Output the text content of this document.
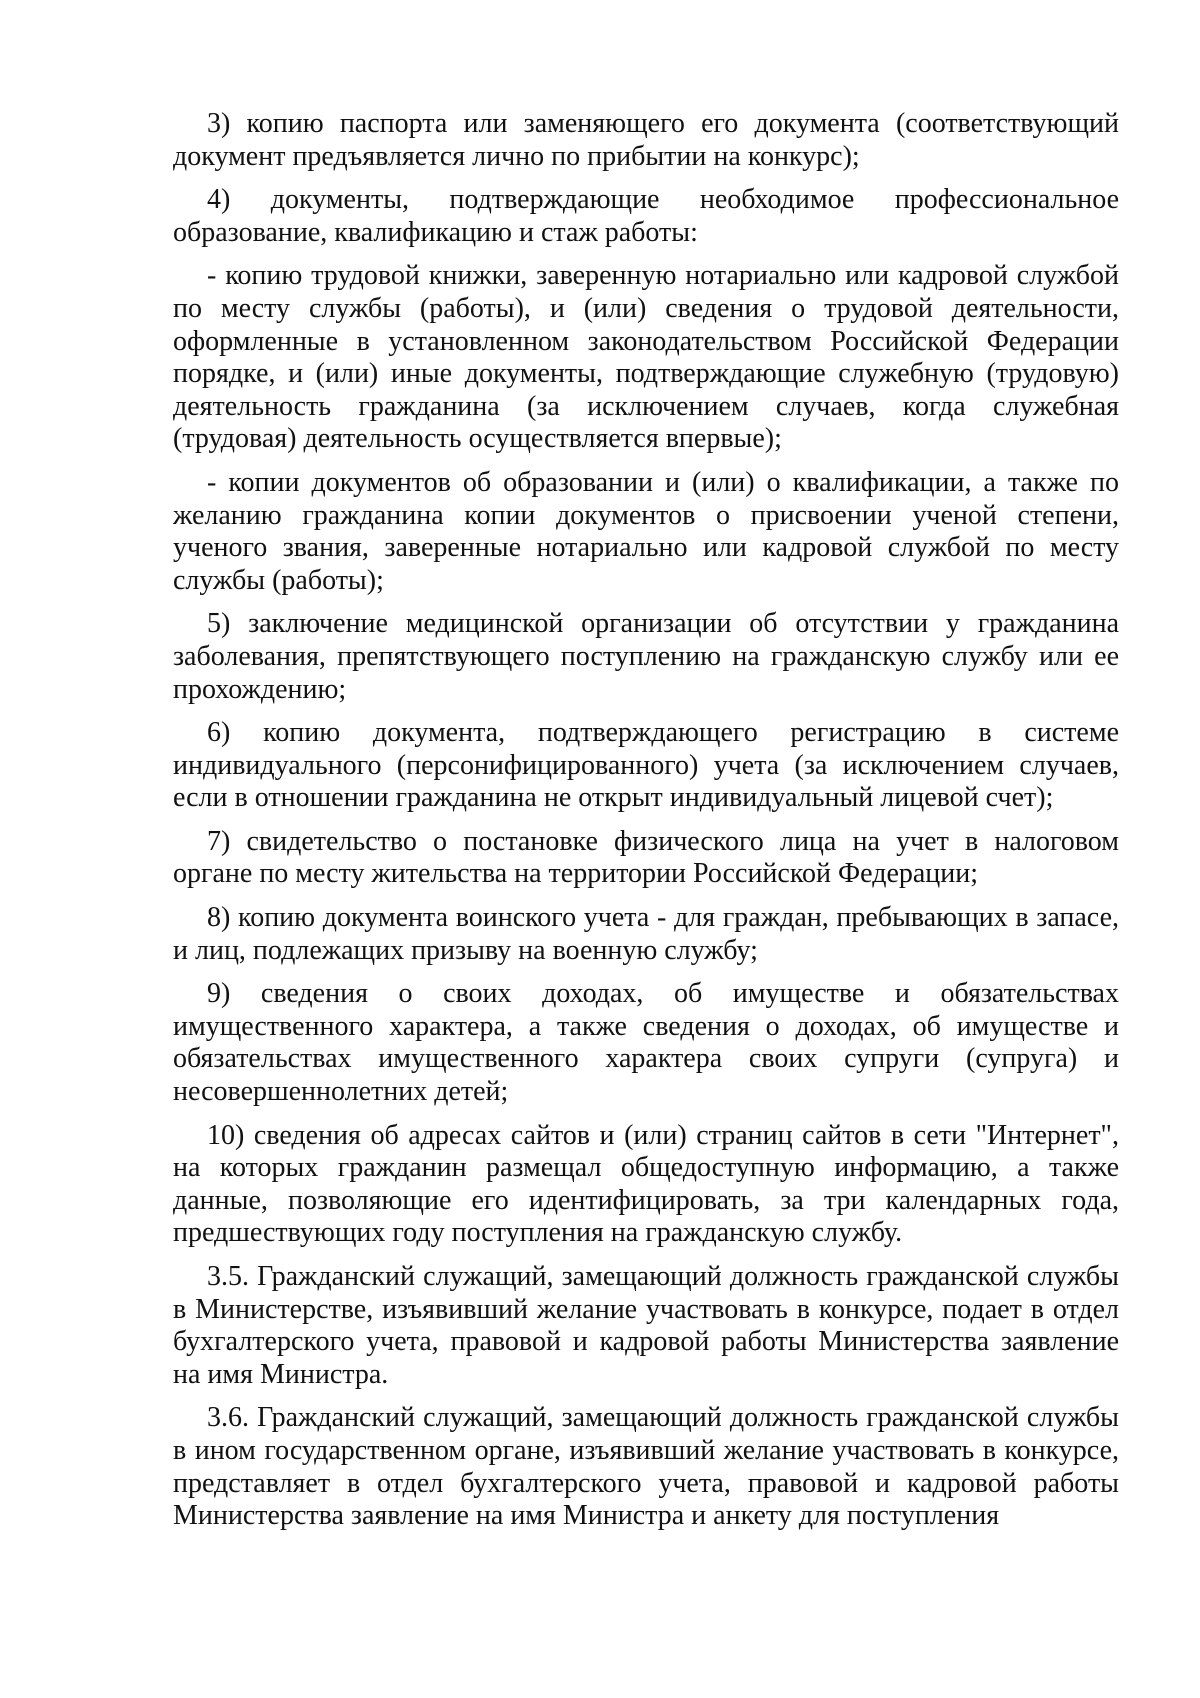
3) копию паспорта или заменяющего его документа (соответствующий документ предъявляется лично по прибытии на конкурс);

4) документы, подтверждающие необходимое профессиональное образование, квалификацию и стаж работы:

- копию трудовой книжки, заверенную нотариально или кадровой службой по месту службы (работы), и (или) сведения о трудовой деятельности, оформленные в установленном законодательством Российской Федерации порядке, и (или) иные документы, подтверждающие служебную (трудовую) деятельность гражданина (за исключением случаев, когда служебная (трудовая) деятельность осуществляется впервые);

- копии документов об образовании и (или) о квалификации, а также по желанию гражданина копии документов о присвоении ученой степени, ученого звания, заверенные нотариально или кадровой службой по месту службы (работы);

5) заключение медицинской организации об отсутствии у гражданина заболевания, препятствующего поступлению на гражданскую службу или ее прохождению;

6) копию документа, подтверждающего регистрацию в системе индивидуального (персонифицированного) учета (за исключением случаев, если в отношении гражданина не открыт индивидуальный лицевой счет);

7) свидетельство о постановке физического лица на учет в налоговом органе по месту жительства на территории Российской Федерации;

8) копию документа воинского учета - для граждан, пребывающих в запасе, и лиц, подлежащих призыву на военную службу;

9) сведения о своих доходах, об имуществе и обязательствах имущественного характера, а также сведения о доходах, об имуществе и обязательствах имущественного характера своих супруги (супруга) и несовершеннолетних детей;

10) сведения об адресах сайтов и (или) страниц сайтов в сети "Интернет", на которых гражданин размещал общедоступную информацию, а также данные, позволяющие его идентифицировать, за три календарных года, предшествующих году поступления на гражданскую службу.

3.5. Гражданский служащий, замещающий должность гражданской службы в Министерстве, изъявивший желание участвовать в конкурсе, подает в отдел бухгалтерского учета, правовой и кадровой работы Министерства заявление на имя Министра.

3.6. Гражданский служащий, замещающий должность гражданской службы в ином государственном органе, изъявивший желание участвовать в конкурсе, представляет в отдел бухгалтерского учета, правовой и кадровой работы Министерства заявление на имя Министра и анкету для поступления
